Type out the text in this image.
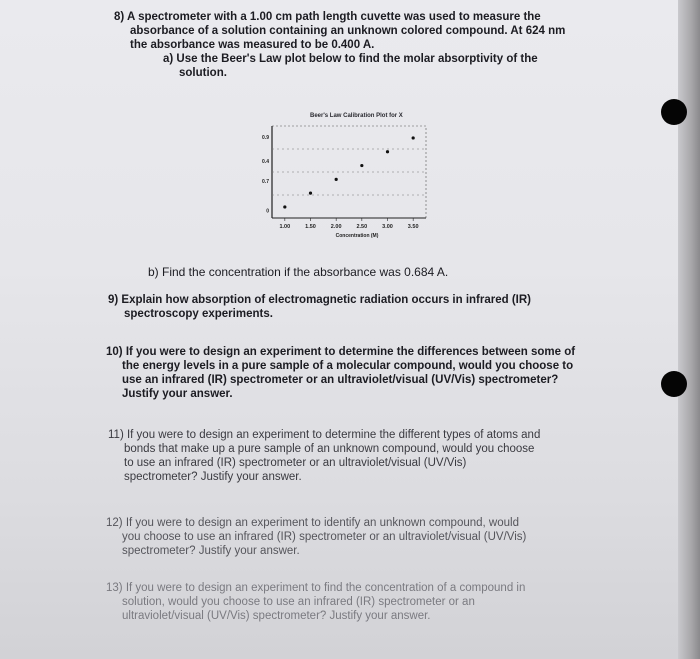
8) A spectrometer with a 1.00 cm path length cuvette was used to measure the
absorbance of a solution containing an unknown colored compound. At 624 nm
the absorbance was measured to be 0.400 A.
a) Use the Beer's Law plot below to find the molar absorptivity of the
solution.
Beer's Law Calibration Plot for X
1.00	1.50	2.00	2.50	3.00	3.50
0.9
0.4
0.7
0
Concentration (M)
b) Find the concentration if the absorbance was 0.684 A.
9) Explain how absorption of electromagnetic radiation occurs in infrared (IR)
spectroscopy experiments.
10) If you were to design an experiment to determine the differences between some of
the energy levels in a pure sample of a molecular compound, would you choose to
use an infrared (IR) spectrometer or an ultraviolet/visual (UV/Vis) spectrometer?
Justify your answer.
11) If you were to design an experiment to determine the different types of atoms and
bonds that make up a pure sample of an unknown compound, would you choose
to use an infrared (IR) spectrometer or an ultraviolet/visual (UV/Vis)
spectrometer? Justify your answer.
12) If you were to design an experiment to identify an unknown compound, would
you choose to use an infrared (IR) spectrometer or an ultraviolet/visual (UV/Vis)
spectrometer? Justify your answer.
13) If you were to design an experiment to find the concentration of a compound in
solution, would you choose to use an infrared (IR) spectrometer or an
ultraviolet/visual (UV/Vis) spectrometer? Justify your answer.
